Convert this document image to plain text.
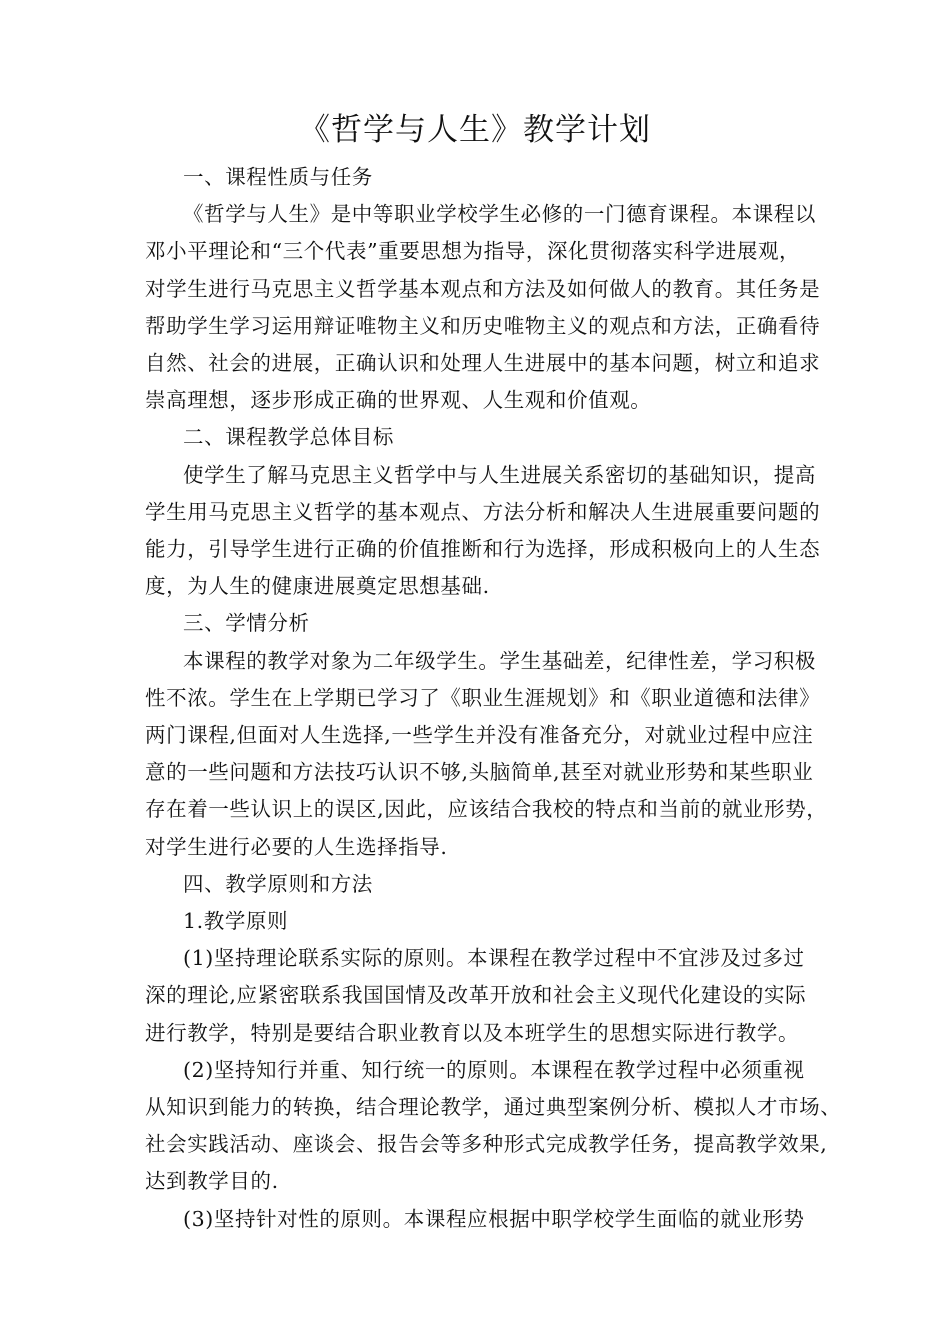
《哲学与人生》教学计划
一、课程性质与任务
《哲学与人生》是中等职业学校学生必修的一门德育课程。本课程以
邓小平理论和“三个代表”重要思想为指导，深化贯彻落实科学进展观，
对学生进行马克思主义哲学基本观点和方法及如何做人的教育。其任务是
帮助学生学习运用辩证唯物主义和历史唯物主义的观点和方法，正确看待
自然、社会的进展，正确认识和处理人生进展中的基本问题，树立和追求
崇高理想，逐步形成正确的世界观、人生观和价值观。
二、课程教学总体目标
使学生了解马克思主义哲学中与人生进展关系密切的基础知识，提高
学生用马克思主义哲学的基本观点、方法分析和解决人生进展重要问题的
能力，引导学生进行正确的价值推断和行为选择，形成积极向上的人生态
度，为人生的健康进展奠定思想基础.
三、学情分析
本课程的教学对象为二年级学生。学生基础差，纪律性差，学习积极
性不浓。学生在上学期已学习了《职业生涯规划》和《职业道德和法律》
两门课程,但面对人生选择,一些学生并没有准备充分，对就业过程中应注
意的一些问题和方法技巧认识不够,头脑简单,甚至对就业形势和某些职业
存在着一些认识上的误区,因此，应该结合我校的特点和当前的就业形势，
对学生进行必要的人生选择指导.
四、教学原则和方法
1.教学原则
(1)坚持理论联系实际的原则。本课程在教学过程中不宜涉及过多过
深的理论,应紧密联系我国国情及改革开放和社会主义现代化建设的实际
进行教学，特别是要结合职业教育以及本班学生的思想实际进行教学。
(2)坚持知行并重、知行统一的原则。本课程在教学过程中必须重视
从知识到能力的转换，结合理论教学，通过典型案例分析、模拟人才市场、
社会实践活动、座谈会、报告会等多种形式完成教学任务，提高教学效果,
达到教学目的.
(3)坚持针对性的原则。本课程应根据中职学校学生面临的就业形势
